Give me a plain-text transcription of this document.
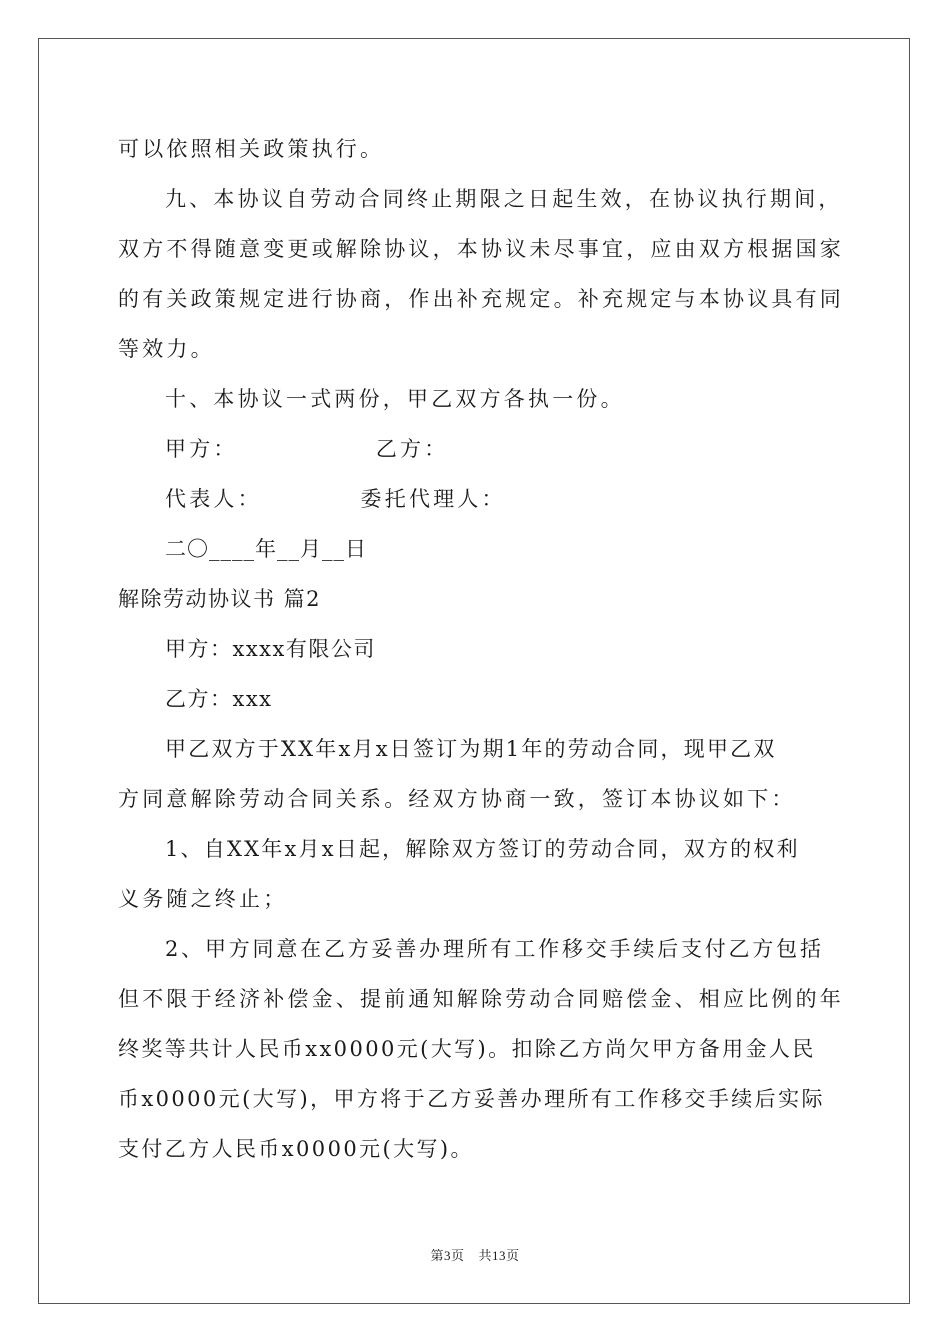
可以依照相关政策执行。
九、本协议自劳动合同终止期限之日起生效，在协议执行期间，
双方不得随意变更或解除协议，本协议未尽事宜，应由双方根据国家
的有关政策规定进行协商，作出补充规定。补充规定与本协议具有同
等效力。
十、本协议一式两份，甲乙双方各执一份。
甲方：              乙方：
代表人：          委托代理人：
二〇____年__月__日
解除劳动协议书 篇2
甲方：xxxx有限公司
乙方：xxx
甲乙双方于XX年x月x日签订为期1年的劳动合同，现甲乙双
方同意解除劳动合同关系。经双方协商一致，签订本协议如下：
1、自XX年x月x日起，解除双方签订的劳动合同，双方的权利
义务随之终止；
2、甲方同意在乙方妥善办理所有工作移交手续后支付乙方包括
但不限于经济补偿金、提前通知解除劳动合同赔偿金、相应比例的年
终奖等共计人民币xx0000元(大写)。扣除乙方尚欠甲方备用金人民
币x0000元(大写)，甲方将于乙方妥善办理所有工作移交手续后实际
支付乙方人民币x0000元(大写)。
第3页 共13页
